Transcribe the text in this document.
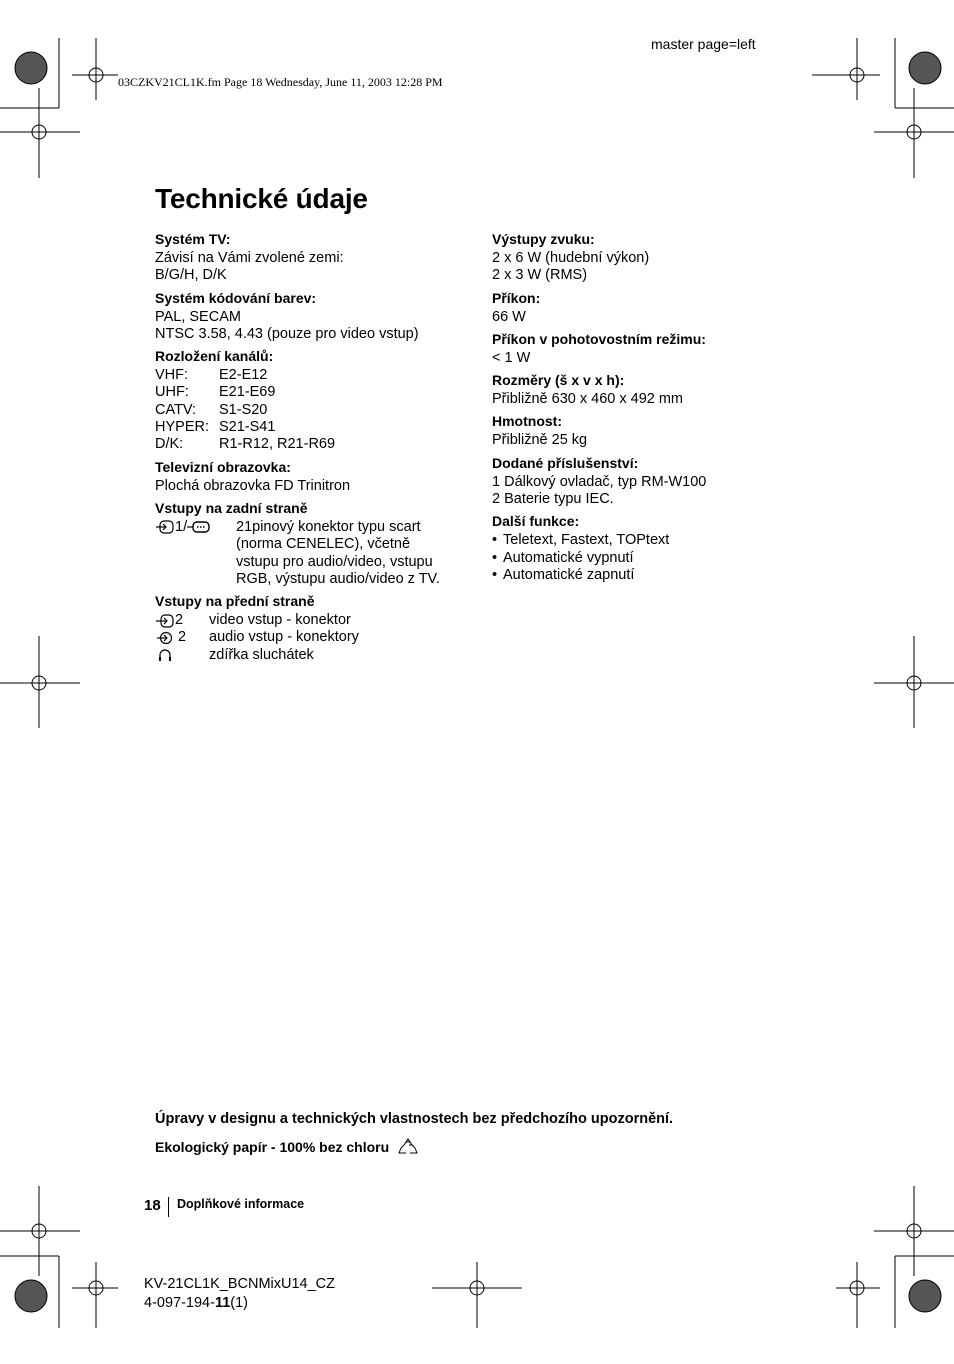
master page=left
03CZKV21CL1K.fm Page 18 Wednesday, June 11, 2003 12:28 PM
Technické údaje
Systém TV:
Závisí na Vámi zvolené zemi:
B/G/H, D/K
Systém kódování barev:
PAL, SECAM
NTSC 3.58, 4.43 (pouze pro video vstup)
Rozložení kanálů:
VHF:	E2-E12
UHF:	E21-E69
CATV:	S1-S20
HYPER: S21-S41
D/K:	R1-R12, R21-R69
Televizní obrazovka:
Plochá obrazovka FD Trinitron
Vstupy na zadní straně
1/	21pinový konektor typu scart
(norma CENELEC), včetně
vstupu pro audio/video, vstupu
RGB, výstupu audio/video z TV.
Vstupy na přední straně
2 video vstup - konektor
2 audio vstup - konektory
zdířka sluchátek
Výstupy zvuku:
2 x 6 W (hudební výkon)
2 x 3 W (RMS)
Příkon:
66 W
Příkon v pohotovostním režimu:
< 1 W
Rozměry (š x v x h):
Přibližně 630 x 460 x 492 mm
Hmotnost:
Přibližně 25 kg
Dodané příslušenství:
1 Dálkový ovladač, typ RM-W100
2 Baterie typu IEC.
Další funkce:
• Teletext, Fastext, TOPtext
• Automatické vypnutí
• Automatické zapnutí
Úpravy v designu a technických vlastnostech bez předchozího upozornění.
Ekologický papír - 100% bez chloru
18 Doplňkové informace
KV-21CL1K_BCNMixU14_CZ
4-097-194-11(1)
